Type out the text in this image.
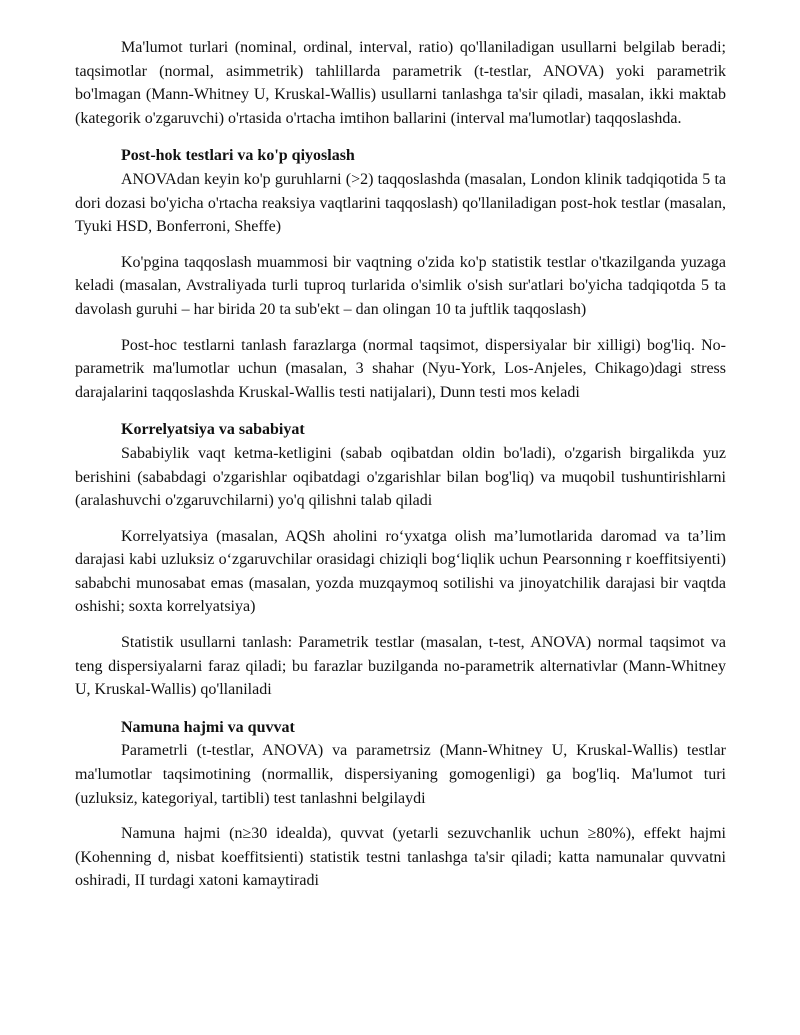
Ma'lumot turlari (nominal, ordinal, interval, ratio) qo'llaniladigan usullarni belgilab beradi; taqsimotlar (normal, asimmetrik) tahlillarda parametrik (t-testlar, ANOVA) yoki parametrik bo'lmagan (Mann-Whitney U, Kruskal-Wallis) usullarni tanlashga ta'sir qiladi, masalan, ikki maktab (kategorik o'zgaruvchi) o'rtasida o'rtacha imtihon ballarini (interval ma'lumotlar) taqqoslashda.

Post-hok testlari va ko'p qiyoslash

ANOVAdan keyin ko'p guruhlarni (>2) taqqoslashda (masalan, London klinik tadqiqotida 5 ta dori dozasi bo'yicha o'rtacha reaksiya vaqtlarini taqqoslash) qo'llaniladigan post-hok testlar (masalan, Tyuki HSD, Bonferroni, Sheffe)

Ko'pgina taqqoslash muammosi bir vaqtning o'zida ko'p statistik testlar o'tkazilganda yuzaga keladi (masalan, Avstraliyada turli tuproq turlarida o'simlik o'sish sur'atlari bo'yicha tadqiqotda 5 ta davolash guruhi – har birida 20 ta sub'ekt – dan olingan 10 ta juftlik taqqoslash)

Post-hoc testlarni tanlash farazlarga (normal taqsimot, dispersiyalar bir xilligi) bog'liq. No-parametrik ma'lumotlar uchun (masalan, 3 shahar (Nyu-York, Los-Anjeles, Chikago)dagi stress darajalarini taqqoslashda Kruskal-Wallis testi natijalari), Dunn testi mos keladi

Korrelyatsiya va sababiyat

Sababiylik vaqt ketma-ketligini (sabab oqibatdan oldin bo'ladi), o'zgarish birgalikda yuz berishini (sababdagi o'zgarishlar oqibatdagi o'zgarishlar bilan bog'liq) va muqobil tushuntirishlarni (aralashuvchi o'zgaruvchilarni) yo'q qilishni talab qiladi

Korrelyatsiya (masalan, AQSh aholini roʻyxatga olish maʼlumotlarida daromad va taʼlim darajasi kabi uzluksiz oʻzgaruvchilar orasidagi chiziqli bogʻliqlik uchun Pearsonning r koeffitsiyenti) sababchi munosabat emas (masalan, yozda muzqaymoq sotilishi va jinoyatchilik darajasi bir vaqtda oshishi; soxta korrelyatsiya)

Statistik usullarni tanlash: Parametrik testlar (masalan, t-test, ANOVA) normal taqsimot va teng dispersiyalarni faraz qiladi; bu farazlar buzilganda no-parametrik alternativlar (Mann-Whitney U, Kruskal-Wallis) qo'llaniladi

Namuna hajmi va quvvat

Parametrli (t-testlar, ANOVA) va parametrsiz (Mann-Whitney U, Kruskal-Wallis) testlar ma'lumotlar taqsimotining (normallik, dispersiyaning gomogenligi) ga bog'liq. Ma'lumot turi (uzluksiz, kategoriyal, tartibli) test tanlashni belgilaydi

Namuna hajmi (n≥30 idealda), quvvat (yetarli sezuvchanlik uchun ≥80%), effekt hajmi (Kohenning d, nisbat koeffitsienti) statistik testni tanlashga ta'sir qiladi; katta namunalar quvvatni oshiradi, II turdagi xatoni kamaytiradi
